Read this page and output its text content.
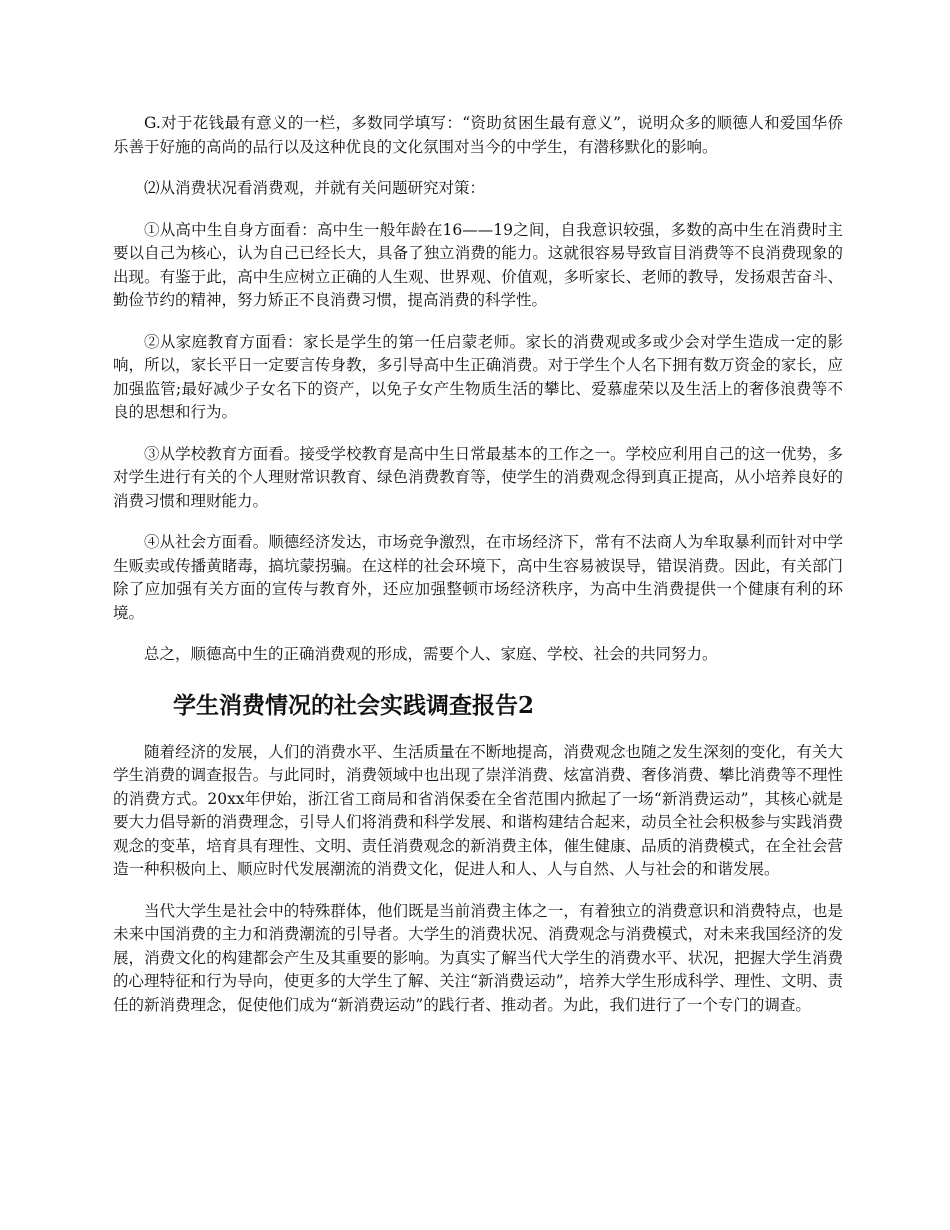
G.对于花钱最有意义的一栏，多数同学填写：“资助贫困生最有意义”，说明众多的顺德人和爱国华侨乐善于好施的高尚的品行以及这种优良的文化氛围对当今的中学生，有潜移默化的影响。

⑵从消费状况看消费观，并就有关问题研究对策：

①从高中生自身方面看：高中生一般年龄在16——19之间，自我意识较强，多数的高中生在消费时主要以自己为核心，认为自己已经长大，具备了独立消费的能力。这就很容易导致盲目消费等不良消费现象的出现。有鉴于此，高中生应树立正确的人生观、世界观、价值观，多听家长、老师的教导，发扬艰苦奋斗、勤俭节约的精神，努力矫正不良消费习惯，提高消费的科学性。

②从家庭教育方面看：家长是学生的第一任启蒙老师。家长的消费观或多或少会对学生造成一定的影响，所以，家长平日一定要言传身教，多引导高中生正确消费。对于学生个人名下拥有数万资金的家长，应加强监管;最好减少子女名下的资产，以免子女产生物质生活的攀比、爱慕虚荣以及生活上的奢侈浪费等不良的思想和行为。

③从学校教育方面看。接受学校教育是高中生日常最基本的工作之一。学校应利用自己的这一优势，多对学生进行有关的个人理财常识教育、绿色消费教育等，使学生的消费观念得到真正提高，从小培养良好的消费习惯和理财能力。

④从社会方面看。顺德经济发达，市场竞争激烈，在市场经济下，常有不法商人为牟取暴利而针对中学生贩卖或传播黄睹毒，搞坑蒙拐骗。在这样的社会环境下，高中生容易被误导，错误消费。因此，有关部门除了应加强有关方面的宣传与教育外，还应加强整顿市场经济秩序，为高中生消费提供一个健康有利的环境。

总之，顺德高中生的正确消费观的形成，需要个人、家庭、学校、社会的共同努力。

学生消费情况的社会实践调查报告2

随着经济的发展，人们的消费水平、生活质量在不断地提高，消费观念也随之发生深刻的变化，有关大学生消费的调查报告。与此同时，消费领域中也出现了崇洋消费、炫富消费、奢侈消费、攀比消费等不理性的消费方式。20xx年伊始，浙江省工商局和省消保委在全省范围内掀起了一场“新消费运动”，其核心就是要大力倡导新的消费理念，引导人们将消费和科学发展、和谐构建结合起来，动员全社会积极参与实践消费观念的变革，培育具有理性、文明、责任消费观念的新消费主体，催生健康、品质的消费模式，在全社会营造一种积极向上、顺应时代发展潮流的消费文化，促进人和人、人与自然、人与社会的和谐发展。

当代大学生是社会中的特殊群体，他们既是当前消费主体之一，有着独立的消费意识和消费特点，也是未来中国消费的主力和消费潮流的引导者。大学生的消费状况、消费观念与消费模式，对未来我国经济的发展，消费文化的构建都会产生及其重要的影响。为真实了解当代大学生的消费水平、状况，把握大学生消费的心理特征和行为导向，使更多的大学生了解、关注“新消费运动”，培养大学生形成科学、理性、文明、责任的新消费理念，促使他们成为“新消费运动”的践行者、推动者。为此，我们进行了一个专门的调查。
